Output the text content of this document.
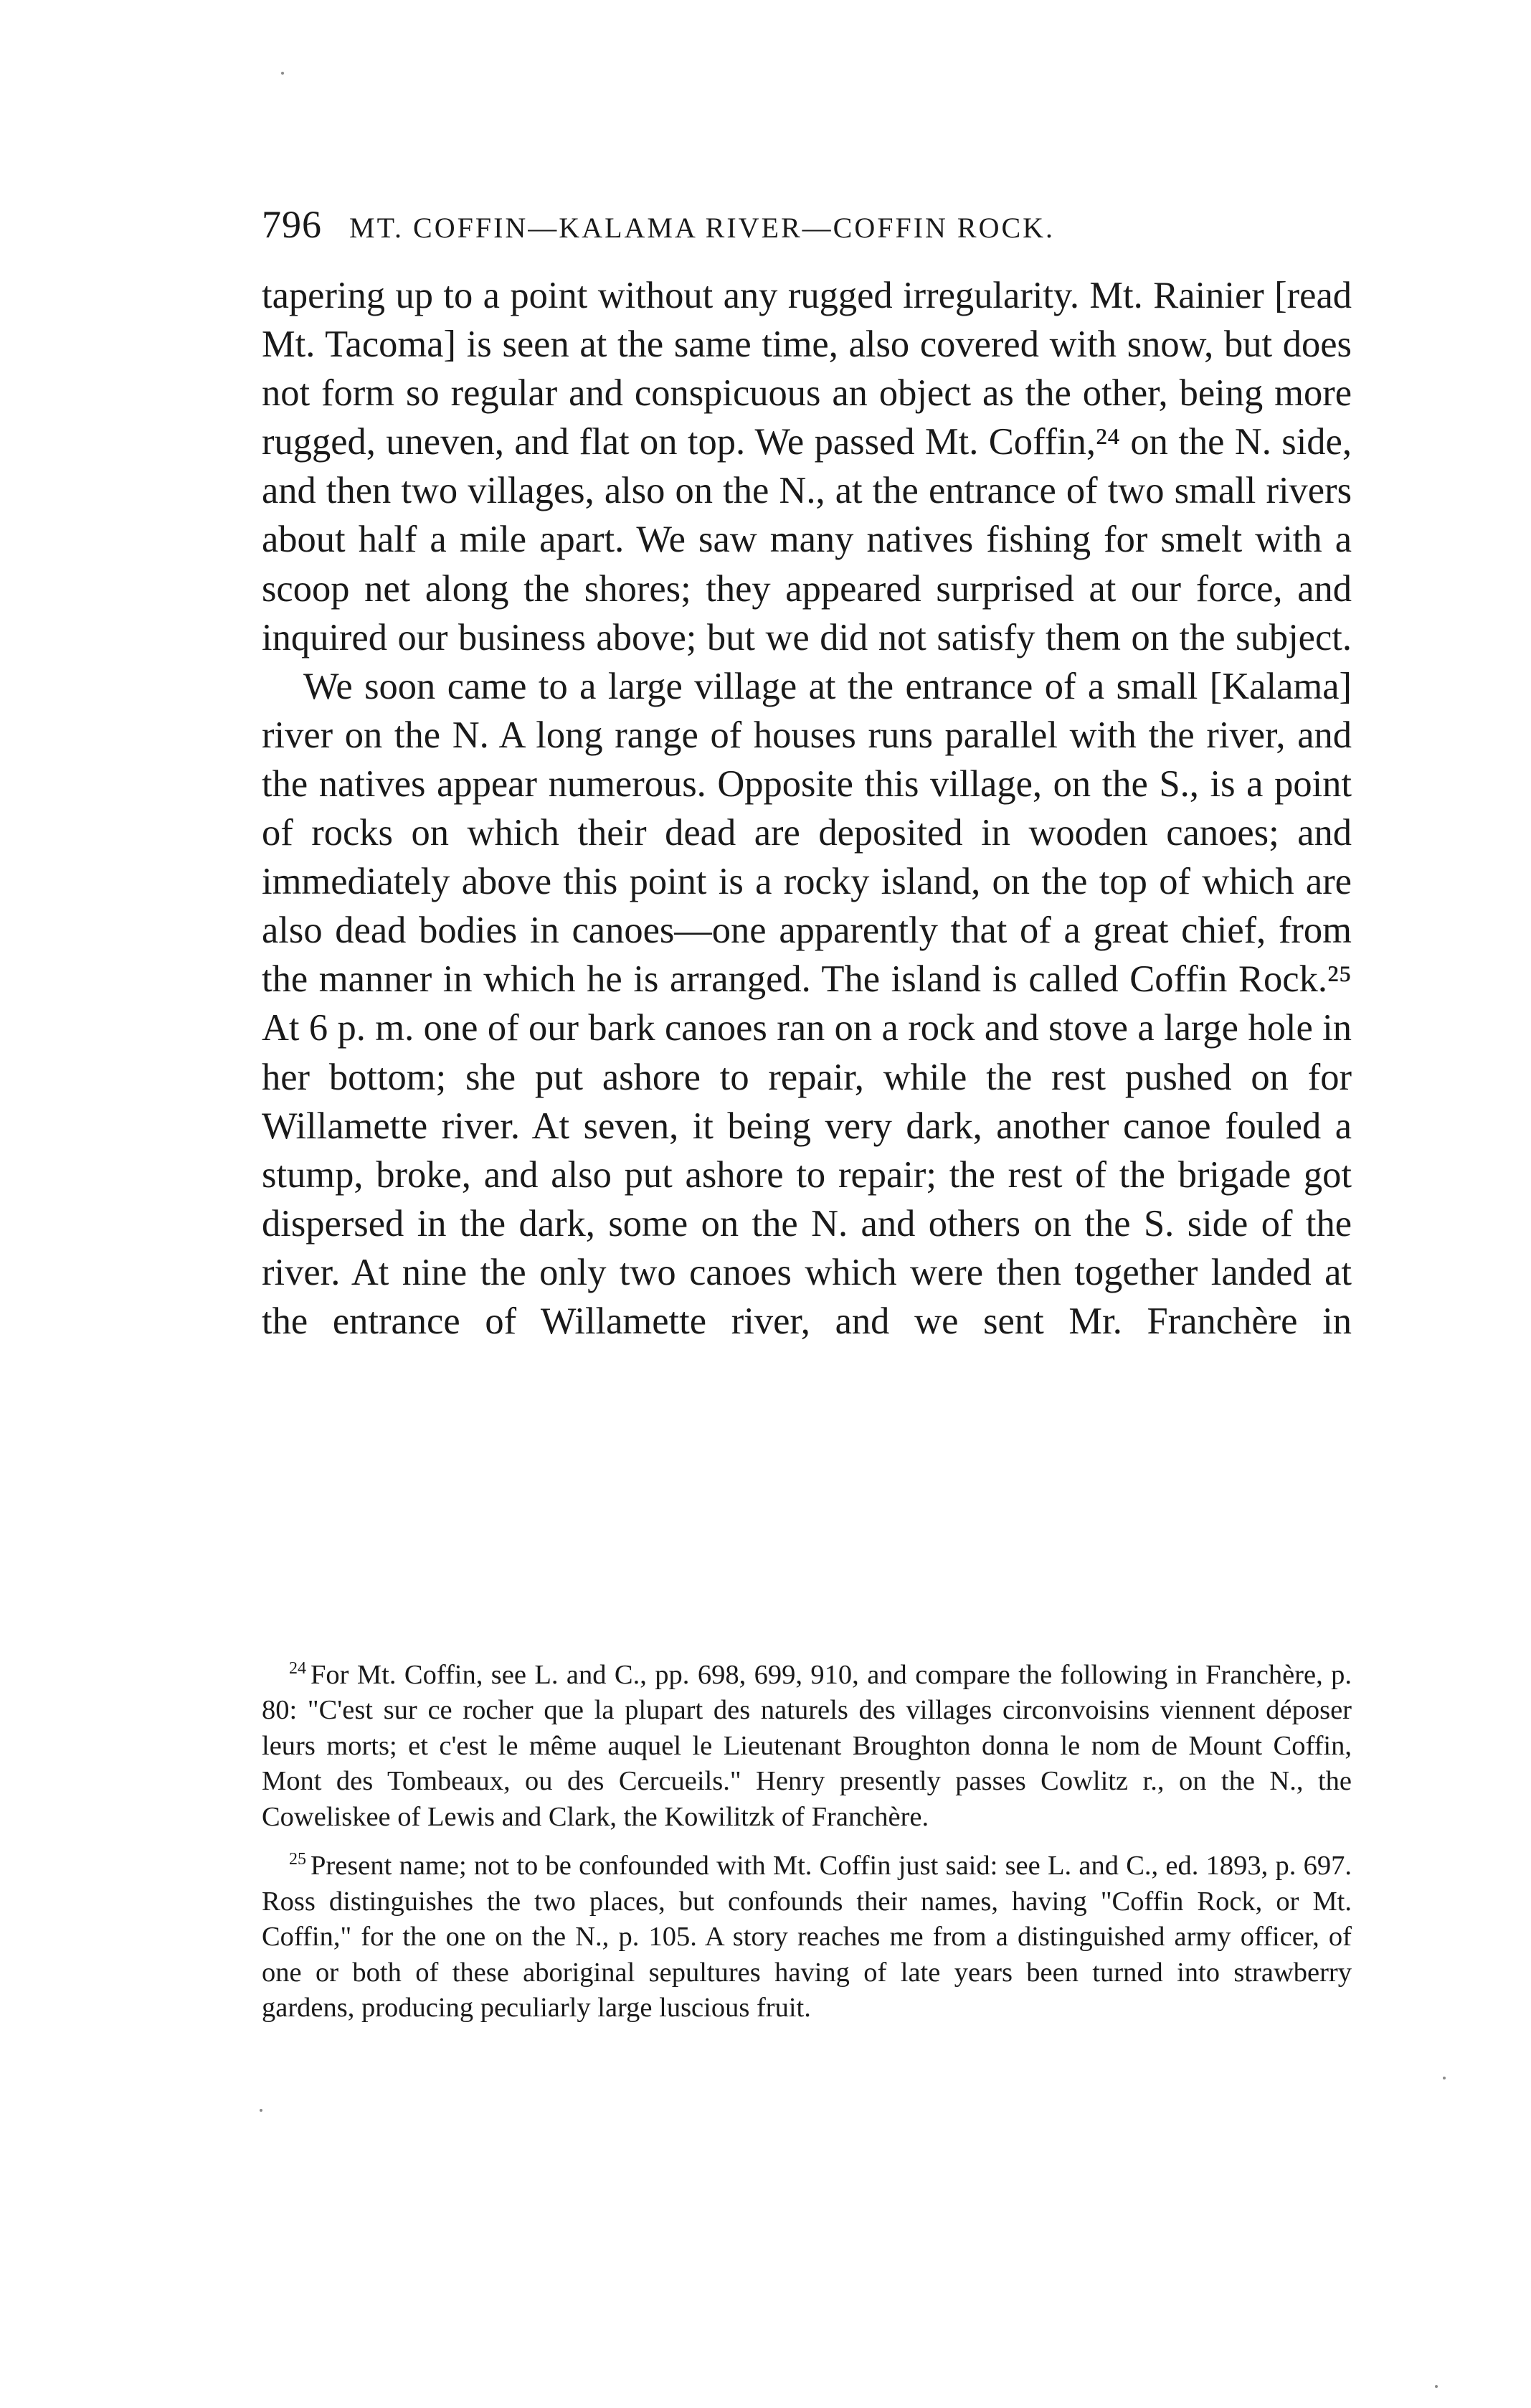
796 MT. COFFIN—KALAMA RIVER—COFFIN ROCK.

tapering up to a point without any rugged irregularity. Mt. Rainier [read Mt. Tacoma] is seen at the same time, also covered with snow, but does not form so regular and conspicuous an object as the other, being more rugged, uneven, and flat on top. We passed Mt. Coffin,²⁴ on the N. side, and then two villages, also on the N., at the entrance of two small rivers about half a mile apart. We saw many natives fishing for smelt with a scoop net along the shores; they appeared surprised at our force, and inquired our business above; but we did not satisfy them on the subject.

We soon came to a large village at the entrance of a small [Kalama] river on the N. A long range of houses runs parallel with the river, and the natives appear numerous. Opposite this village, on the S., is a point of rocks on which their dead are deposited in wooden canoes; and immediately above this point is a rocky island, on the top of which are also dead bodies in canoes—one apparently that of a great chief, from the manner in which he is arranged. The island is called Coffin Rock.²⁵ At 6 p. m. one of our bark canoes ran on a rock and stove a large hole in her bottom; she put ashore to repair, while the rest pushed on for Willamette river. At seven, it being very dark, another canoe fouled a stump, broke, and also put ashore to repair; the rest of the brigade got dispersed in the dark, some on the N. and others on the S. side of the river. At nine the only two canoes which were then together landed at the entrance of Willamette river, and we sent Mr. Franchère in

$^{24}$ For Mt. Coffin, see L. and C., pp. 698, 699, 910, and compare the following in Franchère, p. 80: "C'est sur ce rocher que la plupart des naturels des villages circonvoisins viennent déposer leurs morts; et c'est le même auquel le Lieutenant Broughton donna le nom de Mount Coffin, Mont des Tombeaux, ou des Cercueils." Henry presently passes Cowlitz r., on the N., the Coweliskee of Lewis and Clark, the Kowilitzk of Franchère.

$^{25}$ Present name; not to be confounded with Mt. Coffin just said: see L. and C., ed. 1893, p. 697. Ross distinguishes the two places, but confounds their names, having "Coffin Rock, or Mt. Coffin," for the one on the N., p. 105. A story reaches me from a distinguished army officer, of one or both of these aboriginal sepultures having of late years been turned into strawberry gardens, producing peculiarly large luscious fruit.
